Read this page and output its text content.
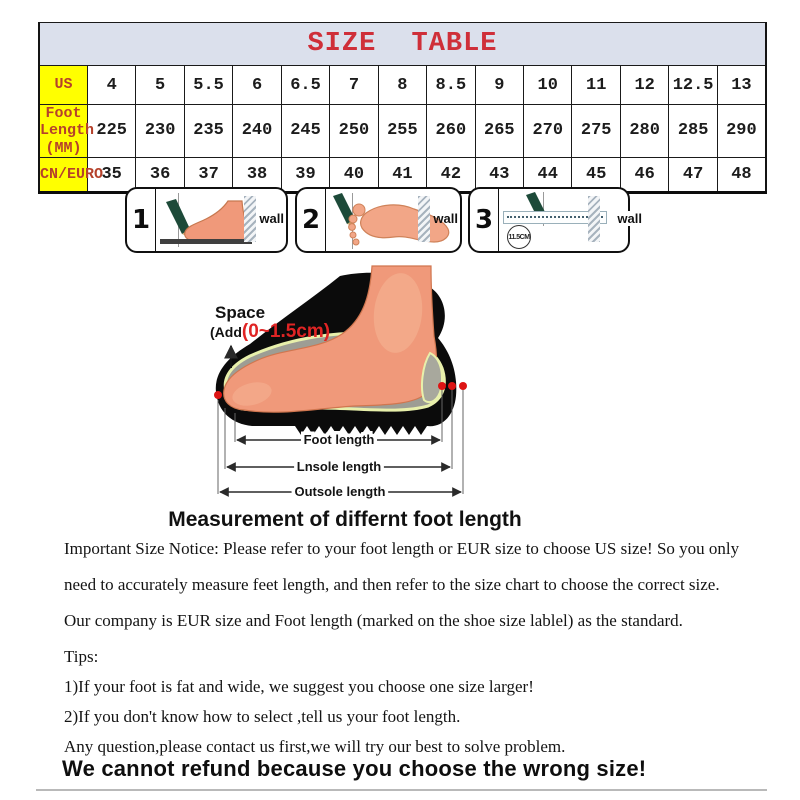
SIZE TABLE														
US	4	5	5.5	6	6.5	7	8	8.5	9	10	11	12	12.5	13
Foot Length (MM)	225	230	235	240	245	250	255	260	265	270	275	280	285	290
CN/EURO	35	36	37	38	39	40	41	42	43	44	45	46	47	48
1	wall 2	wall 3
11.5CM
wall
Space
(Add(0~1.5cm)
Foot length
Lnsole length
Outsole length
Measurement of differnt foot length

Important Size Notice: Please refer to your foot length or EUR size to choose US size! So you only

need to accurately measure feet length, and then refer to the size chart to choose the correct size.

Our company is EUR size and Foot length (marked on the shoe size lablel) as the standard.

Tips:

1)If your foot is fat and wide, we suggest you choose one size larger!

2)If you don't know how to select ,tell us your foot length.

Any question,please contact us first,we will try our best to solve problem.

We cannot refund because you choose the wrong size!
